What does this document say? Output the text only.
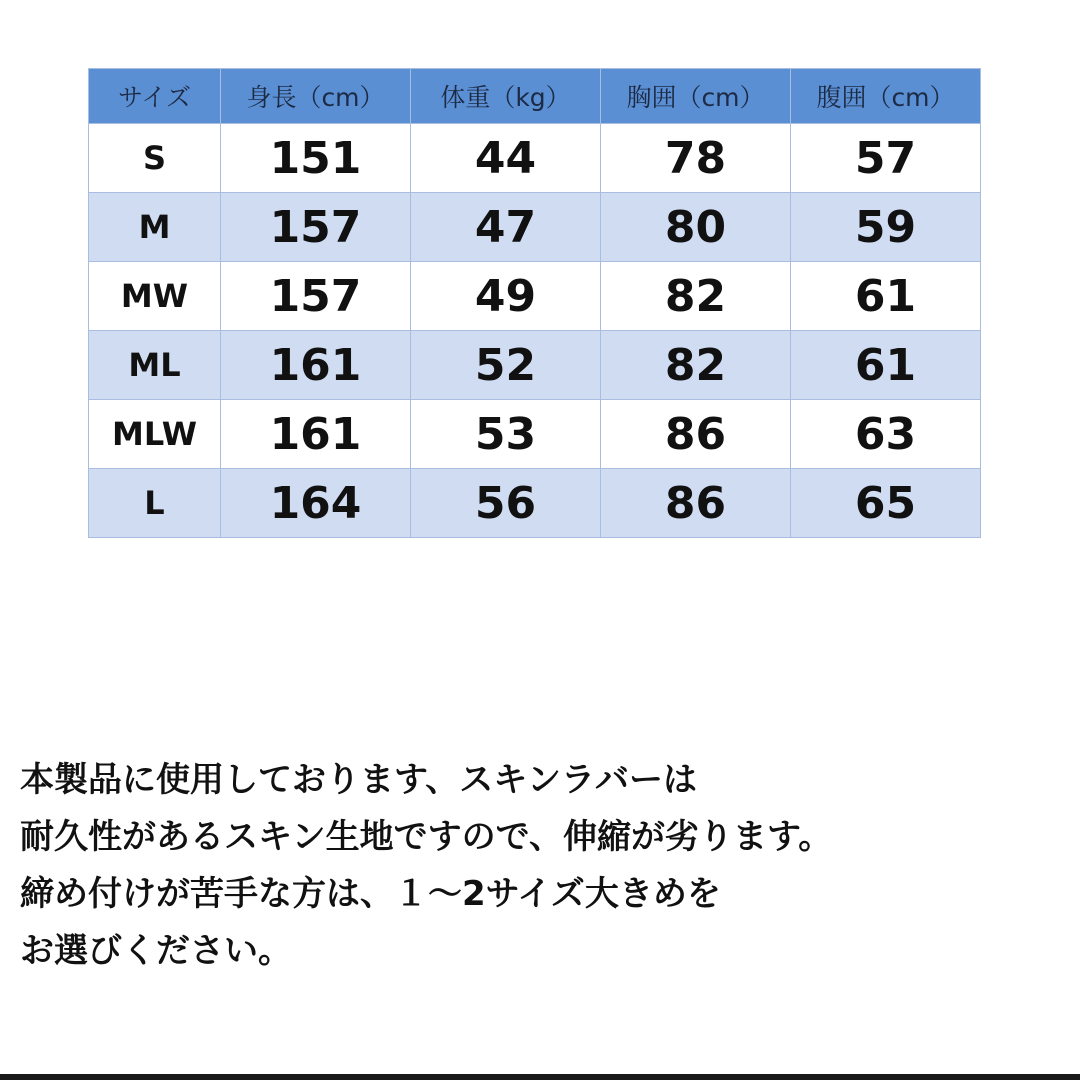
サイズ	身長（cm）	体重（kg）	胸囲（cm）	腹囲（cm）
S	151	44	78	57
M	157	47	80	59
MW	157	49	82	61
ML	161	52	82	61
MLW	161	53	86	63
L	164	56	86	65

本製品に使用しております、スキンラバーは
耐久性があるスキン生地ですので、伸縮が劣ります。
締め付けが苦手な方は、１～2サイズ大きめを
お選びください。
